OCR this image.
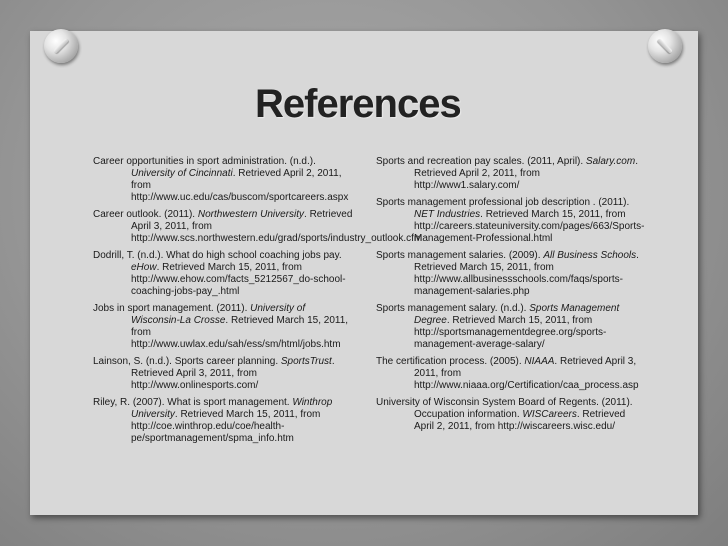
References
Career opportunities in sport administration. (n.d.). University of Cincinnati. Retrieved April 2, 2011, from http://www.uc.edu/cas/buscom/sportcareers.aspx
Career outlook. (2011). Northwestern University. Retrieved April 3, 2011, from http://www.scs.northwestern.edu/grad/sports/industry_outlook.cfm
Dodrill, T. (n.d.). What do high school coaching jobs pay. eHow. Retrieved March 15, 2011, from http://www.ehow.com/facts_5212567_do-school-coaching-jobs-pay_.html
Jobs in sport management. (2011). University of Wisconsin-La Crosse. Retrieved March 15, 2011, from http://www.uwlax.edu/sah/ess/sm/html/jobs.htm
Lainson, S. (n.d.). Sports career planning. SportsTrust. Retrieved April 3, 2011, from http://www.onlinesports.com/
Riley, R. (2007). What is sport management. Winthrop University. Retrieved March 15, 2011, from http://coe.winthrop.edu/coe/health-pe/sportmanagement/spma_info.htm
Sports and recreation pay scales. (2011, April). Salary.com. Retrieved April 2, 2011, from http://www1.salary.com/
Sports management professional job description . (2011). NET Industries. Retrieved March 15, 2011, from http://careers.stateuniversity.com/pages/663/Sports-Management-Professional.html
Sports management salaries. (2009). All Business Schools. Retrieved March 15, 2011, from http://www.allbusinessschools.com/faqs/sports-management-salaries.php
Sports management salary. (n.d.). Sports Management Degree. Retrieved March 15, 2011, from http://sportsmanagementdegree.org/sports-management-average-salary/
The certification process. (2005). NIAAA. Retrieved April 3, 2011, from http://www.niaaa.org/Certification/caa_process.asp
University of Wisconsin System Board of Regents. (2011). Occupation information. WISCareers. Retrieved April 2, 2011, from http://wiscareers.wisc.edu/
